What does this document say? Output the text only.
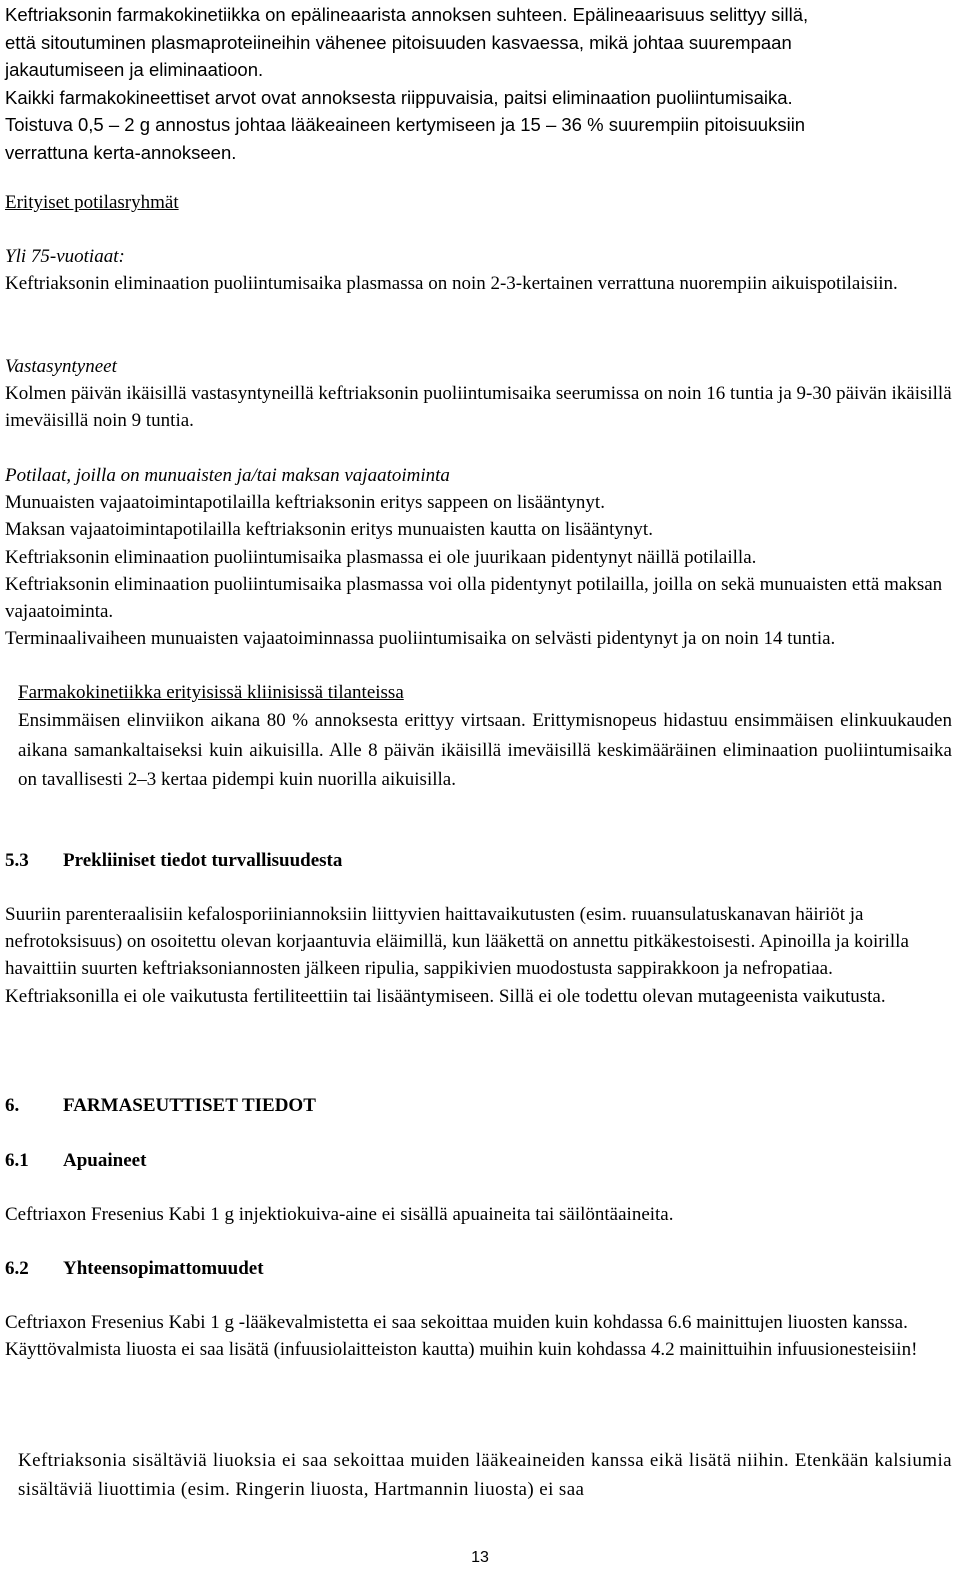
Keftriaksonin farmakokinetiikka on epälineaarista annoksen suhteen. Epälineaarisuus selittyy sillä,

että sitoutuminen plasmaproteiineihin vähenee pitoisuuden kasvaessa, mikä johtaa suurempaan

jakautumiseen ja eliminaatioon.

Kaikki farmakokineettiset arvot ovat annoksesta riippuvaisia, paitsi eliminaation puoliintumisaika.

Toistuva 0,5 – 2 g annostus johtaa lääkeaineen kertymiseen ja 15 – 36 % suurempiin pitoisuuksiin

verrattuna kerta-annokseen.

Erityiset potilasryhmät

Yli 75-vuotiaat:

Keftriaksonin eliminaation puoliintumisaika plasmassa on noin 2-3-kertainen verrattuna nuorempiin aikuispotilaisiin.

Vastasyntyneet

Kolmen päivän ikäisillä vastasyntyneillä keftriaksonin puoliintumisaika seerumissa on noin 16 tuntia ja 9-30 päivän ikäisillä imeväisillä noin 9 tuntia.

Potilaat, joilla on munuaisten ja/tai maksan vajaatoiminta

Munuaisten vajaatoimintapotilailla keftriaksonin eritys sappeen on lisääntynyt.

Maksan vajaatoimintapotilailla keftriaksonin eritys munuaisten kautta on lisääntynyt.

Keftriaksonin eliminaation puoliintumisaika plasmassa ei ole juurikaan pidentynyt näillä potilailla.

Keftriaksonin eliminaation puoliintumisaika plasmassa voi olla pidentynyt potilailla, joilla on sekä munuaisten että maksan vajaatoiminta.

Terminaalivaiheen munuaisten vajaatoiminnassa puoliintumisaika on selvästi pidentynyt ja on noin 14 tuntia.

Farmakokinetiikka erityisissä kliinisissä tilanteissa

Ensimmäisen elinviikon aikana 80 % annoksesta erittyy virtsaan. Erittymisnopeus hidastuu ensimmäisen elinkuukauden aikana samankaltaiseksi kuin aikuisilla. Alle 8 päivän ikäisillä imeväisillä keskimääräinen eliminaation puoliintumisaika on tavallisesti 2–3 kertaa pidempi kuin nuorilla aikuisilla.

5.3 Prekliiniset tiedot turvallisuudesta

Suuriin parenteraalisiin kefalosporiiniannoksiin liittyvien haittavaikutusten (esim. ruuansulatuskanavan häiriöt ja nefrotoksisuus) on osoitettu olevan korjaantuvia eläimillä, kun lääkettä on annettu pitkäkestoisesti. Apinoilla ja koirilla havaittiin suurten keftriaksoniannosten jälkeen ripulia, sappikivien muodostusta sappirakkoon ja nefropatiaa.

Keftriaksonilla ei ole vaikutusta fertiliteettiin tai lisääntymiseen. Sillä ei ole todettu olevan mutageenista vaikutusta.

6. FARMASEUTTISET TIEDOT

6.1 Apuaineet

Ceftriaxon Fresenius Kabi 1 g injektiokuiva-aine ei sisällä apuaineita tai säilöntäaineita.

6.2 Yhteensopimattomuudet

Ceftriaxon Fresenius Kabi 1 g -lääkevalmistetta ei saa sekoittaa muiden kuin kohdassa 6.6 mainittujen liuosten kanssa.

Käyttövalmista liuosta ei saa lisätä (infuusiolaitteiston kautta) muihin kuin kohdassa 4.2 mainittuihin infuusionesteisiin!

Keftriaksonia sisältäviä liuoksia ei saa sekoittaa muiden lääkeaineiden kanssa eikä lisätä niihin. Etenkään kalsiumia sisältäviä liuottimia (esim. Ringerin liuosta, Hartmannin liuosta) ei saa

13
